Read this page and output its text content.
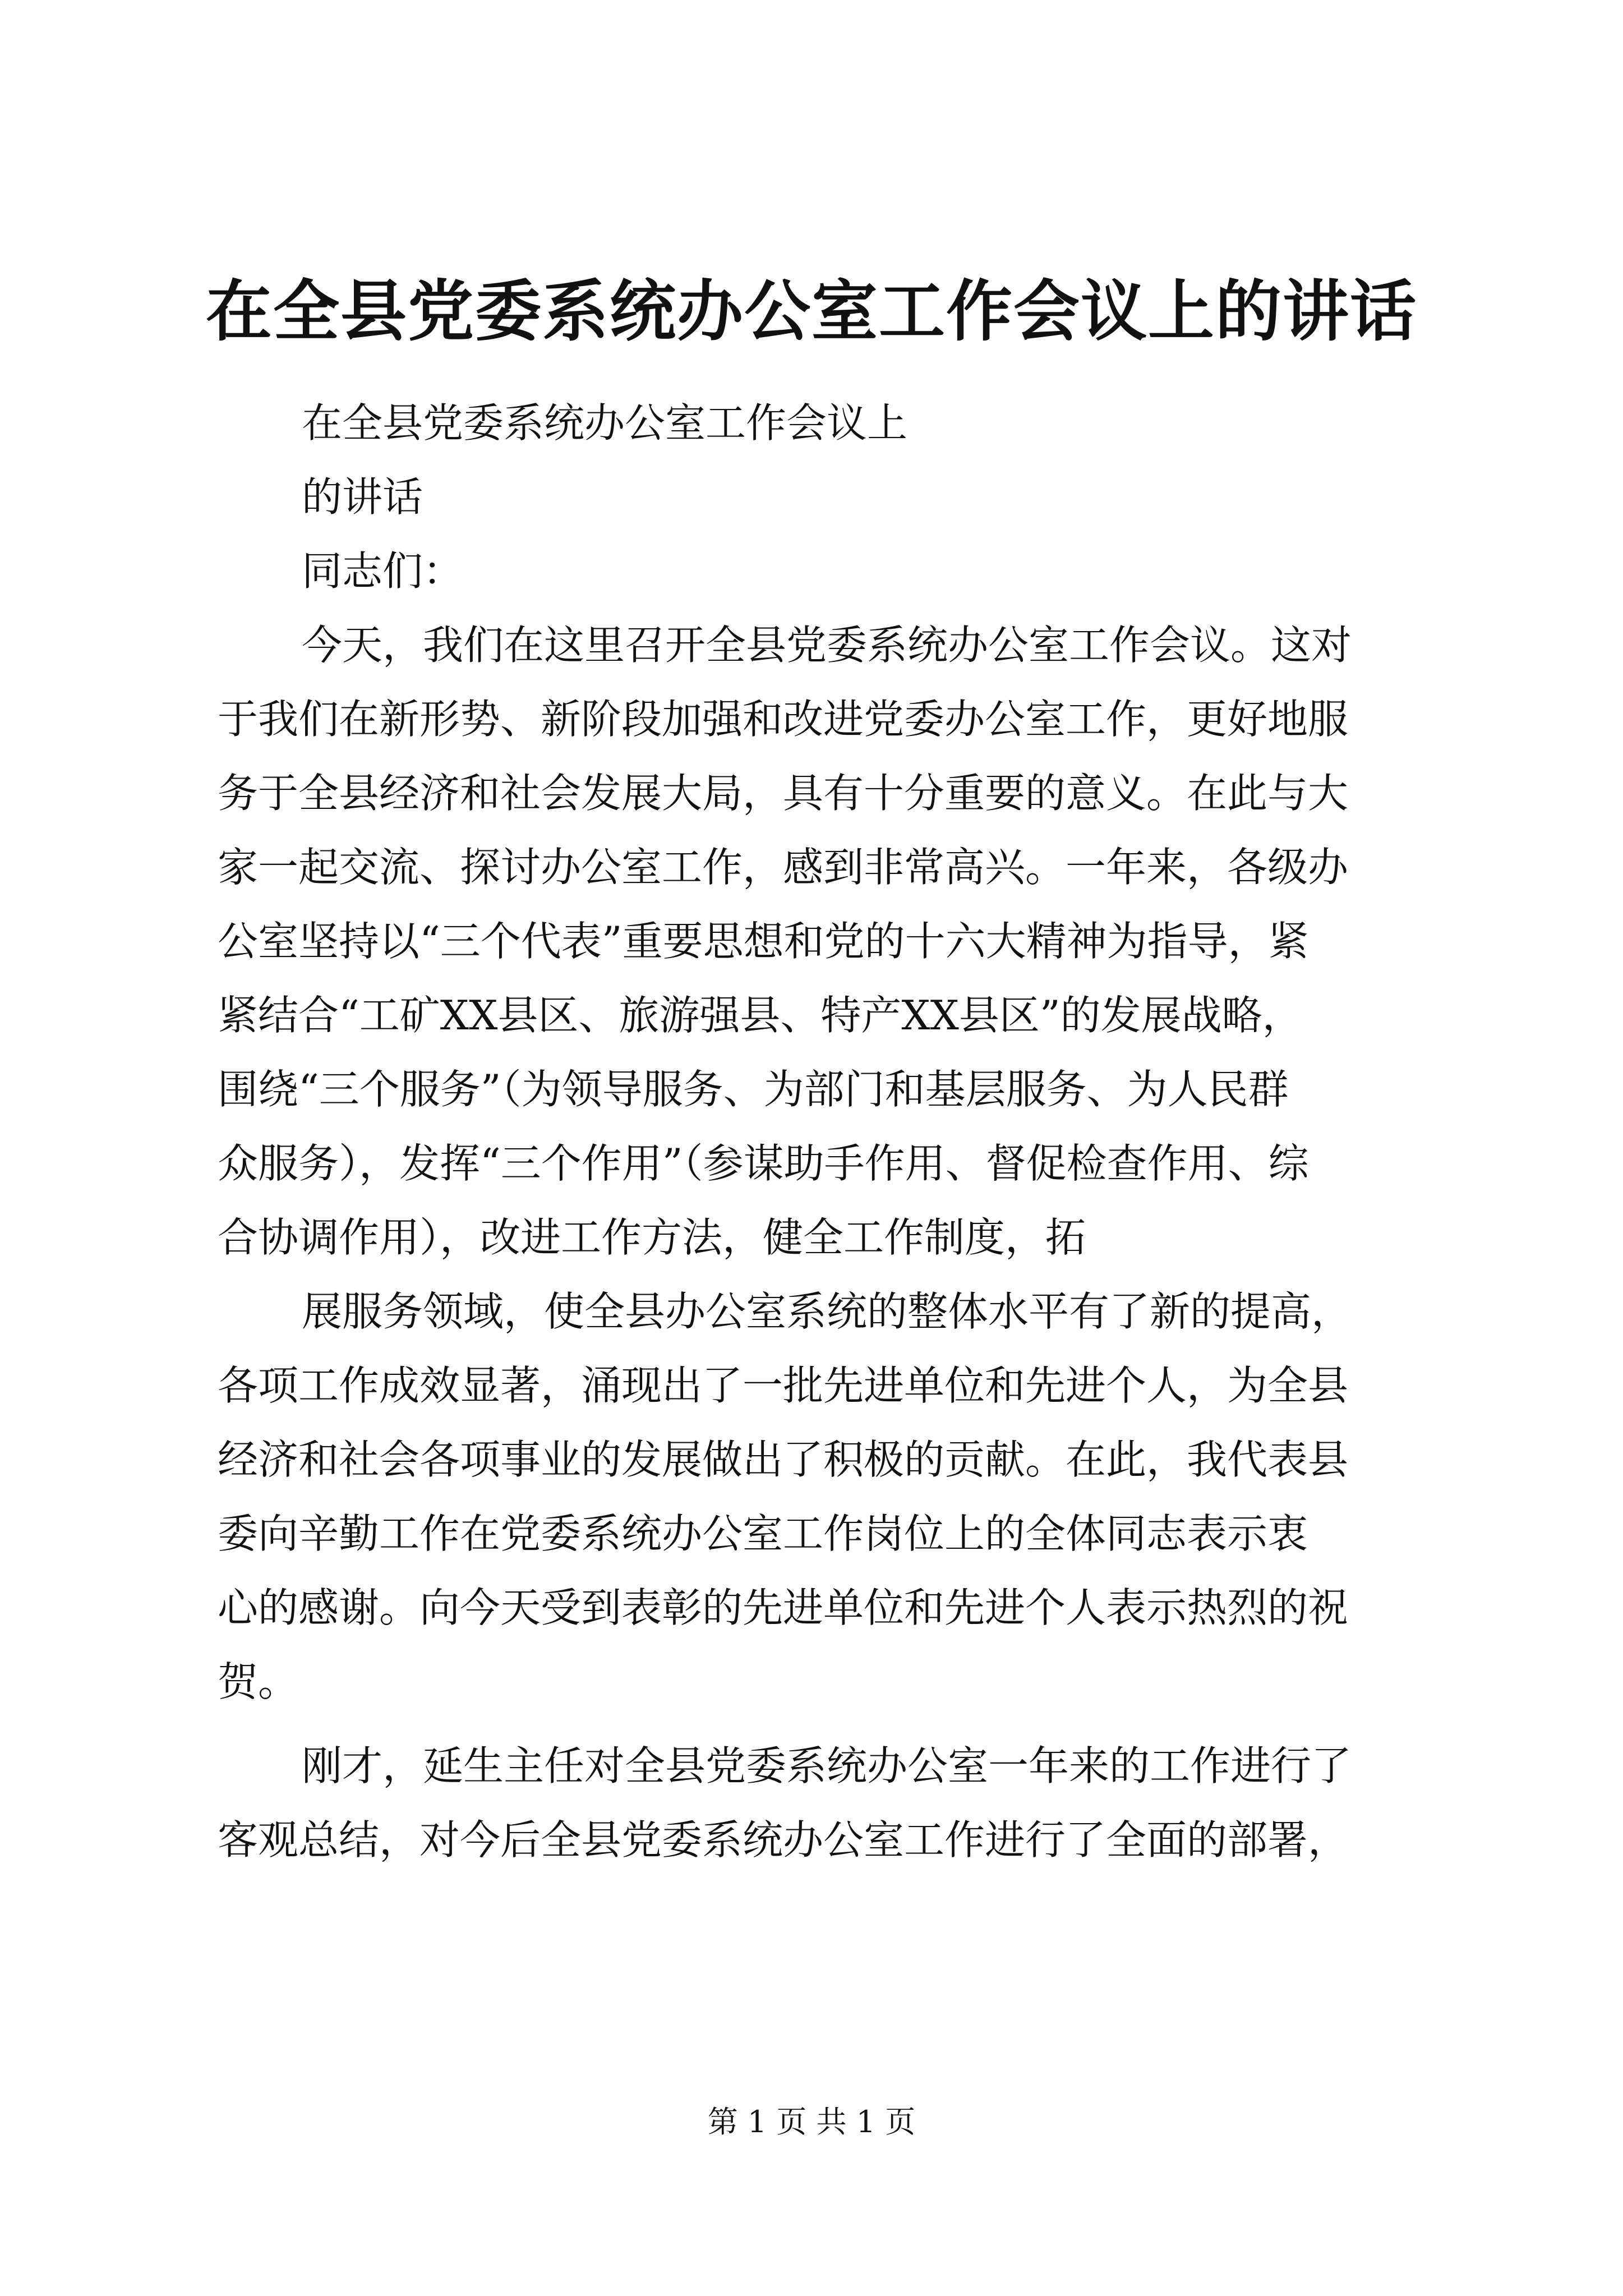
在全县党委系统办公室工作会议上的讲话

在全县党委系统办公室工作会议上

的讲话

同志们：

今天，我们在这里召开全县党委系统办公室工作会议。这对

于我们在新形势、新阶段加强和改进党委办公室工作，更好地服

务于全县经济和社会发展大局，具有十分重要的意义。在此与大

家一起交流、探讨办公室工作，感到非常高兴。一年来，各级办

公室坚持以“三个代表”重要思想和党的十六大精神为指导，紧

紧结合“工矿XX县区、旅游强县、特产XX县区”的发展战略，

围绕“三个服务”（为领导服务、为部门和基层服务、为人民群

众服务），发挥“三个作用”（参谋助手作用、督促检查作用、综

合协调作用），改进工作方法，健全工作制度，拓

展服务领域，使全县办公室系统的整体水平有了新的提高，

各项工作成效显著，涌现出了一批先进单位和先进个人，为全县

经济和社会各项事业的发展做出了积极的贡献。在此，我代表县

委向辛勤工作在党委系统办公室工作岗位上的全体同志表示衷

心的感谢。向今天受到表彰的先进单位和先进个人表示热烈的祝

贺。

刚才，延生主任对全县党委系统办公室一年来的工作进行了

客观总结，对今后全县党委系统办公室工作进行了全面的部署，

第 1 页 共 1 页
